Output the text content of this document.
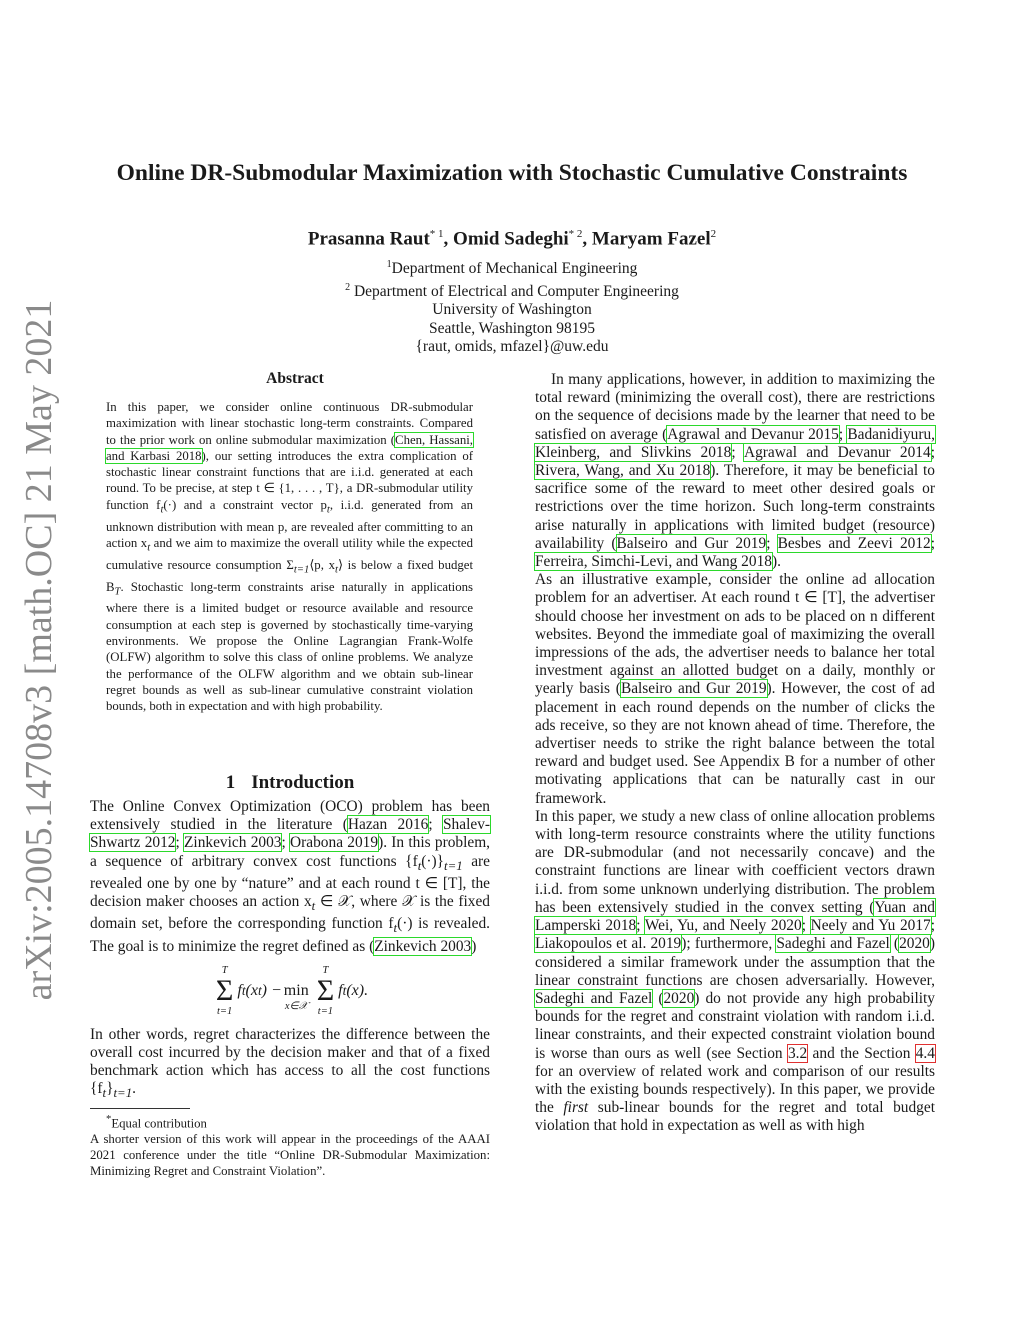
arXiv:2005.14708v3 [math.OC] 21 May 2021
Online DR-Submodular Maximization with Stochastic Cumulative Constraints
Prasanna Raut$^{* 1}$, Omid Sadeghi$^{* 2}$, Maryam Fazel$^2$
$^1$Department of Mechanical Engineering
$^2$ Department of Electrical and Computer Engineering
University of Washington
Seattle, Washington 98195
{raut, omids, mfazel}@uw.edu
Abstract
In this paper, we consider online continuous DR-submodular maximization with linear stochastic long-term constraints. Compared to the prior work on online submodular maximization (Chen, Hassani, and Karbasi 2018), our setting introduces the extra complication of stochastic linear constraint functions that are i.i.d. generated at each round. To be precise, at step t ∈ {1, . . . , T}, a DR-submodular utility function $f_t(\cdot)$ and a constraint vector $p_t$, i.i.d. generated from an unknown distribution with mean p, are revealed after committing to an action $x_t$ and we aim to maximize the overall utility while the expected cumulative resource consumption $\Sigma_{t=1}⟨p$, $x_t⟩$ is below a fixed budget $B_T$. Stochastic long-term constraints arise naturally in applications where there is a limited budget or resource available and resource consumption at each step is governed by stochastically time-varying environments. We propose the Online Lagrangian Frank-Wolfe (OLFW) algorithm to solve this class of online problems. We analyze the performance of the OLFW algorithm and we obtain sub-linear regret bounds as well as sub-linear cumulative constraint violation bounds, both in expectation and with high probability.
1 Introduction

The Online Convex Optimization (OCO) problem has been extensively studied in the literature (Hazan 2016; Shalev-Shwartz 2012; Zinkevich 2003; Orabona 2019). In this problem, a sequence of arbitrary convex cost functions $\{f_t(\cdot)\}_{t=1}$ are revealed one by one by “nature” and at each round t ∈ [T], the decision maker chooses an action $x_t$ ∈ 𝒳, where 𝒳 is the fixed domain set, before the corresponding function $f_t(\cdot)$ is revealed. The goal is to minimize the regret defined as (Zinkevich 2003)

T
Σ
t=1
f t (x t ) −
min
x∈𝒳
T
Σ
t=1
f t (x).

In other words, regret characterizes the difference between the overall cost incurred by the decision maker and that of a fixed benchmark action which has access to all the cost functions $\{f_t\}_{t=1}$.

*Equal contribution

A shorter version of this work will appear in the proceedings of the AAAI 2021 conference under the title “Online DR-Submodular Maximization: Minimizing Regret and Constraint Violation”.

In many applications, however, in addition to maximizing the total reward (minimizing the overall cost), there are restrictions on the sequence of decisions made by the learner that need to be satisfied on average (Agrawal and Devanur 2015; Badanidiyuru, Kleinberg, and Slivkins 2018; Agrawal and Devanur 2014; Rivera, Wang, and Xu 2018). Therefore, it may be beneficial to sacrifice some of the reward to meet other desired goals or restrictions over the time horizon. Such long-term constraints arise naturally in applications with limited budget (resource) availability (Balseiro and Gur 2019; Besbes and Zeevi 2012; Ferreira, Simchi-Levi, and Wang 2018).

As an illustrative example, consider the online ad allocation problem for an advertiser. At each round t ∈ [T], the advertiser should choose her investment on ads to be placed on n different websites. Beyond the immediate goal of maximizing the overall impressions of the ads, the advertiser needs to balance her total investment against an allotted budget on a daily, monthly or yearly basis (Balseiro and Gur 2019). However, the cost of ad placement in each round depends on the number of clicks the ads receive, so they are not known ahead of time. Therefore, the advertiser needs to strike the right balance between the total reward and budget used. See Appendix B for a number of other motivating applications that can be naturally cast in our framework.

In this paper, we study a new class of online allocation problems with long-term resource constraints where the utility functions are DR-submodular (and not necessarily concave) and the constraint functions are linear with coefficient vectors drawn i.i.d. from some unknown underlying distribution. The problem has been extensively studied in the convex setting (Yuan and Lamperski 2018; Wei, Yu, and Neely 2020; Neely and Yu 2017; Liakopoulos et al. 2019); furthermore, Sadeghi and Fazel (2020) considered a similar framework under the assumption that the linear constraint functions are chosen adversarially. However, Sadeghi and Fazel (2020) do not provide any high probability bounds for the regret and constraint violation with random i.i.d. linear constraints, and their expected constraint violation bound is worse than ours as well (see Section 3.2 and the Section 4.4 for an overview of related work and comparison of our results with the existing bounds respectively). In this paper, we provide the first sub-linear bounds for the regret and total budget violation that hold in expectation as well as with high
